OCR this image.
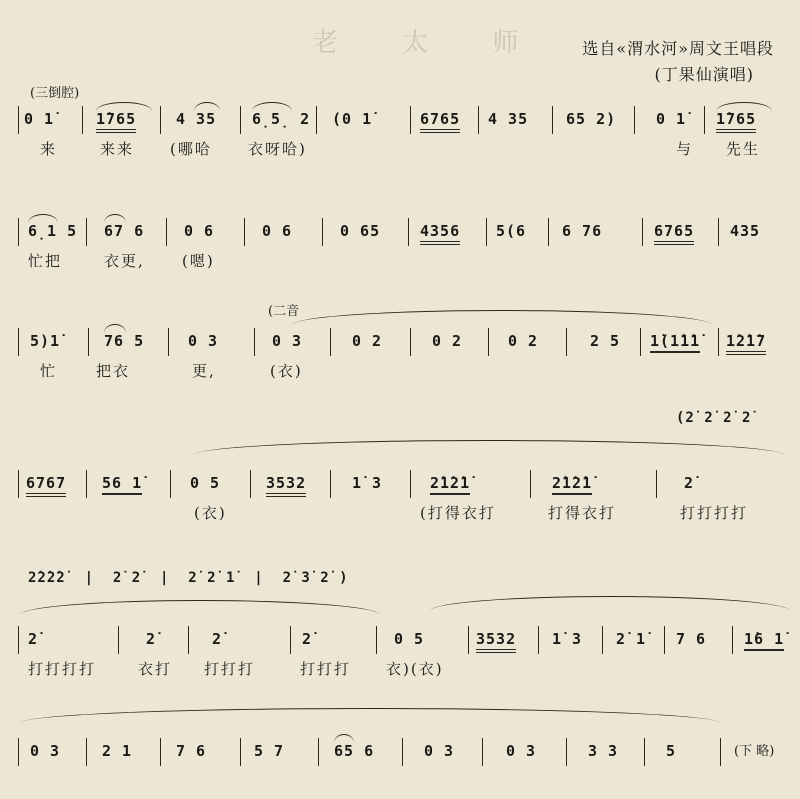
老 太 师 选自«渭水河»周文王唱段
(丁果仙演唱)
(三倒腔)
(二音
0 1̇	1̇765	4 35 6̣5̣ 2 (0 1̇	6765 4 35	65 2)	0 1̇ 1̇765
来	来来 (哪哈 衣呀哈)	与 先生
6̣1 5 67 6	0 6	0 6	0 65	4356 5(6 6 76	6765 435
忙把	衣更, (嗯)
5)1̇	76 5	0 3	0 3	0 2	0 2	0 2	2 5 1̇(1̇1̇1̇ 1̇2̇1̇7
忙	把衣	更,	(衣)
(2̇ 2̇ 2̇ 2̇
6767 56 1̇	0 5	3532	1̇ 3	2̇1̇2̇1̇	2̇1̇2̇1̇	2̇
(衣)	(打得衣打	打得衣打	打打打打
2̇2̇2̇2̇  |  2̇ 2̇  |  2̇ 2̇ 1̇  |  2̇ 3̇ 2̇ )
2̇	2̇	2̇	2̇	0 5	3532 1̇ 3 2̇ 1̇ 7 6	1̇6 1̇
打打打打	衣打 打打打	打打打 衣)(衣)
0 3	2 1	7 6	5 7	65 6	0 3	0 3	3 3	5	(下 略)
